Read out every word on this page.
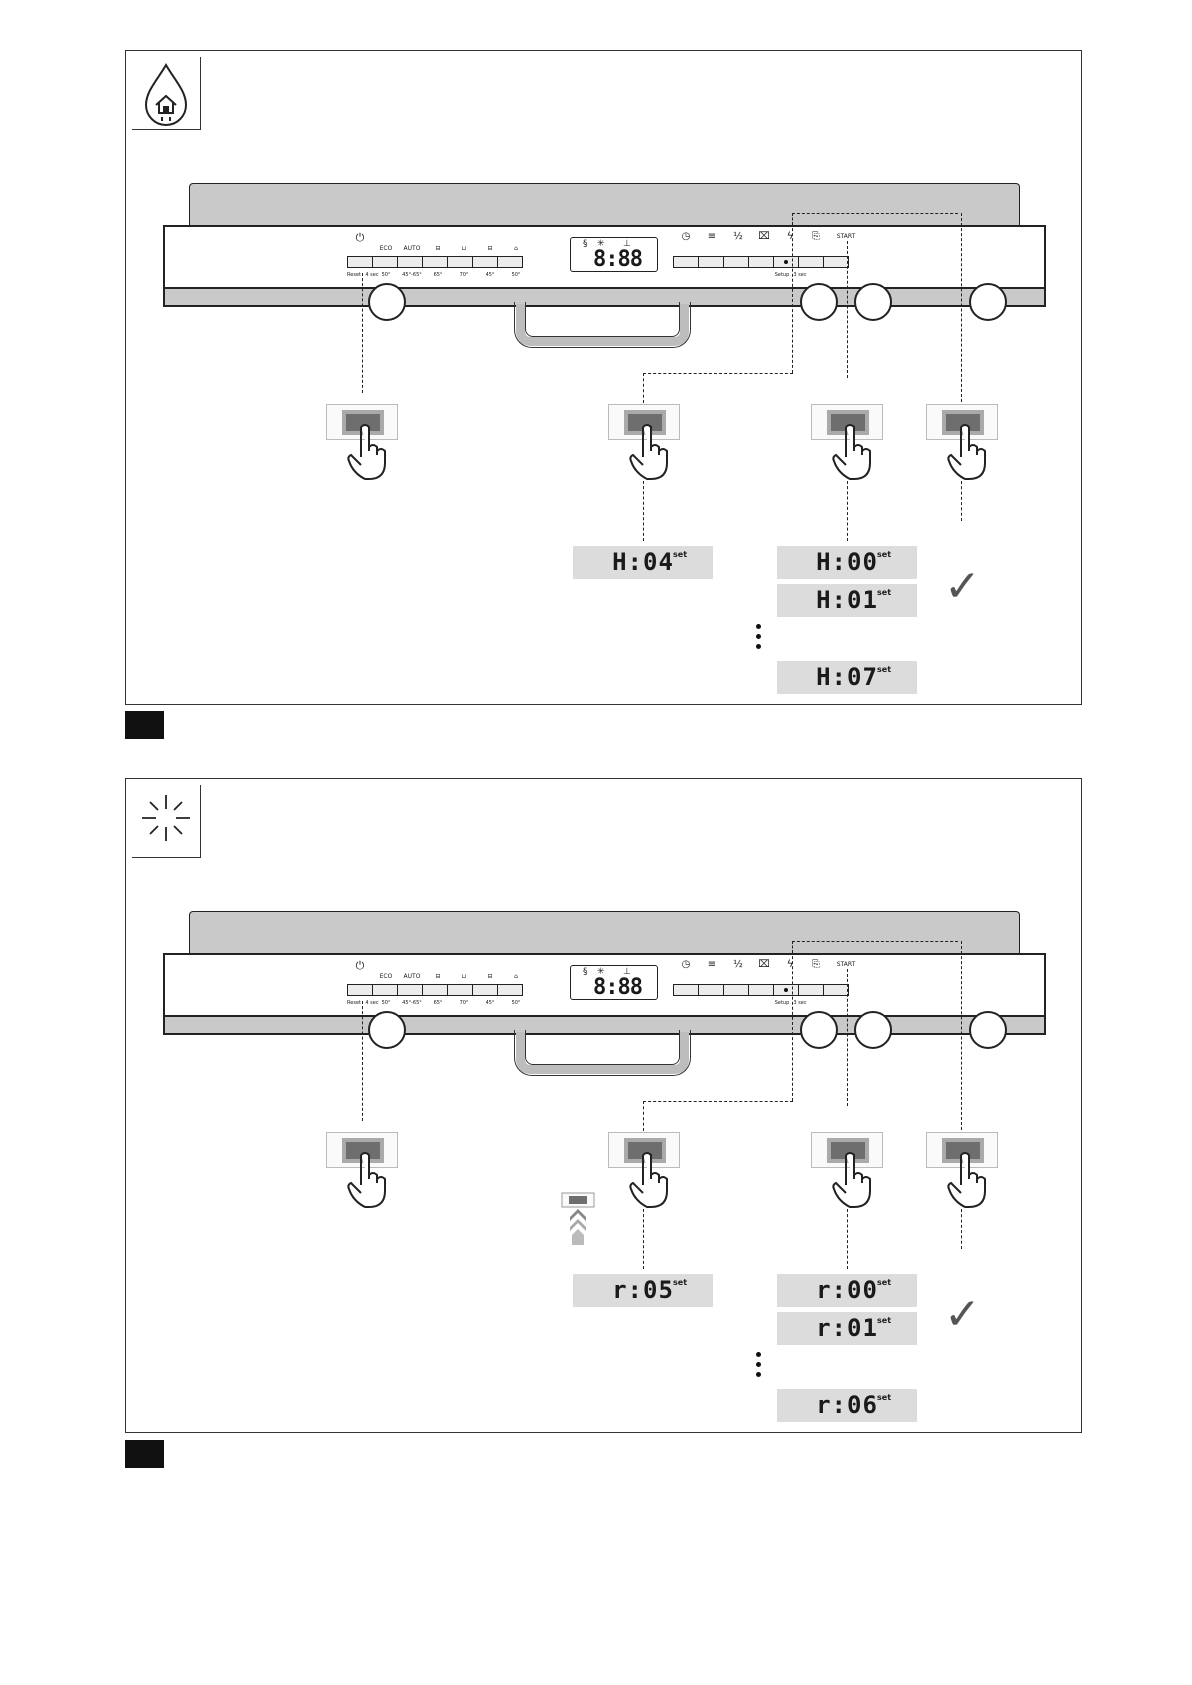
⏻
ECO	AUTO	⊟	⊔	⊟	⌂
Reset 4 sec 50°	45°-65°	65°	70°	45°	50°
§ ✳ ⊥
8:88
◷	≡	½	⌧	ϟ	⎘	START
Setup 3 sec
H:04 set	H:00 set
H:01 set
H:07 set
✓
⏻
ECO	AUTO	⊟	⊔	⊟	⌂
Reset 4 sec 50°	45°-65°	65°	70°	45°	50°
§ ✳ ⊥
8:88
◷	≡	½	⌧	ϟ	⎘	START
Setup 3 sec
r:05 set	r:00 set
r:01 set
r:06 set
✓
